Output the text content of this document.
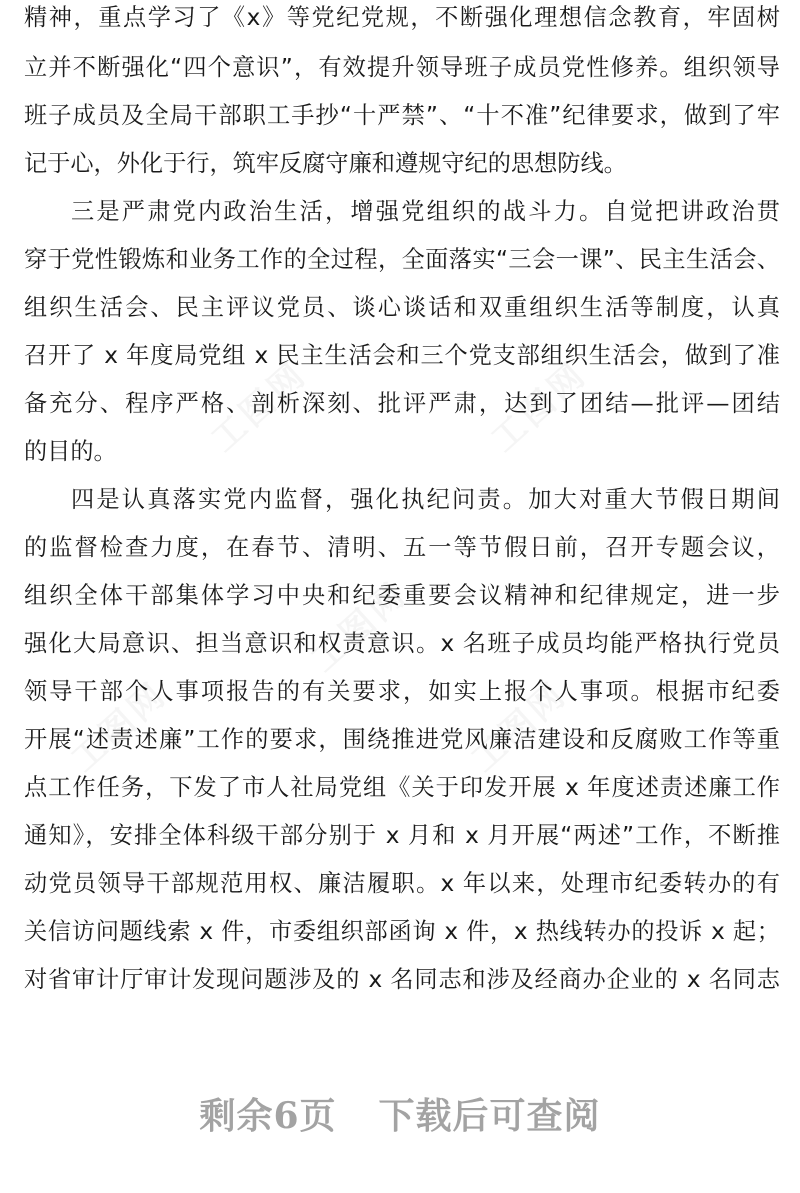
工图网	工图网
工图网
工图网	工图网
精神，重点学习了《x》等党纪党规，不断强化理想信念教育，牢固树
立并不断强化“四个意识”，有效提升领导班子成员党性修养。组织领导
班子成员及全局干部职工手抄“十严禁”、“十不准”纪律要求，做到了牢
记于心，外化于行，筑牢反腐守廉和遵规守纪的思想防线。
三是严肃党内政治生活，增强党组织的战斗力。自觉把讲政治贯
穿于党性锻炼和业务工作的全过程，全面落实“三会一课”、民主生活会、
组织生活会、民主评议党员、谈心谈话和双重组织生活等制度，认真
召开了 x 年度局党组 x 民主生活会和三个党支部组织生活会，做到了准
备充分、程序严格、剖析深刻、批评严肃，达到了团结—批评—团结
的目的。
四是认真落实党内监督，强化执纪问责。加大对重大节假日期间
的监督检查力度，在春节、清明、五一等节假日前，召开专题会议，
组织全体干部集体学习中央和纪委重要会议精神和纪律规定，进一步
强化大局意识、担当意识和权责意识。x 名班子成员均能严格执行党员
领导干部个人事项报告的有关要求，如实上报个人事项。根据市纪委
开展“述责述廉”工作的要求，围绕推进党风廉洁建设和反腐败工作等重
点工作任务，下发了市人社局党组《关于印发开展 x 年度述责述廉工作
通知》，安排全体科级干部分别于 x 月和 x 月开展“两述”工作，不断推
动党员领导干部规范用权、廉洁履职。x 年以来，处理市纪委转办的有
关信访问题线索 x 件，市委组织部函询 x 件，x 热线转办的投诉 x 起；
对省审计厅审计发现问题涉及的 x 名同志和涉及经商办企业的 x 名同志
剩余6页 下载后可查阅
